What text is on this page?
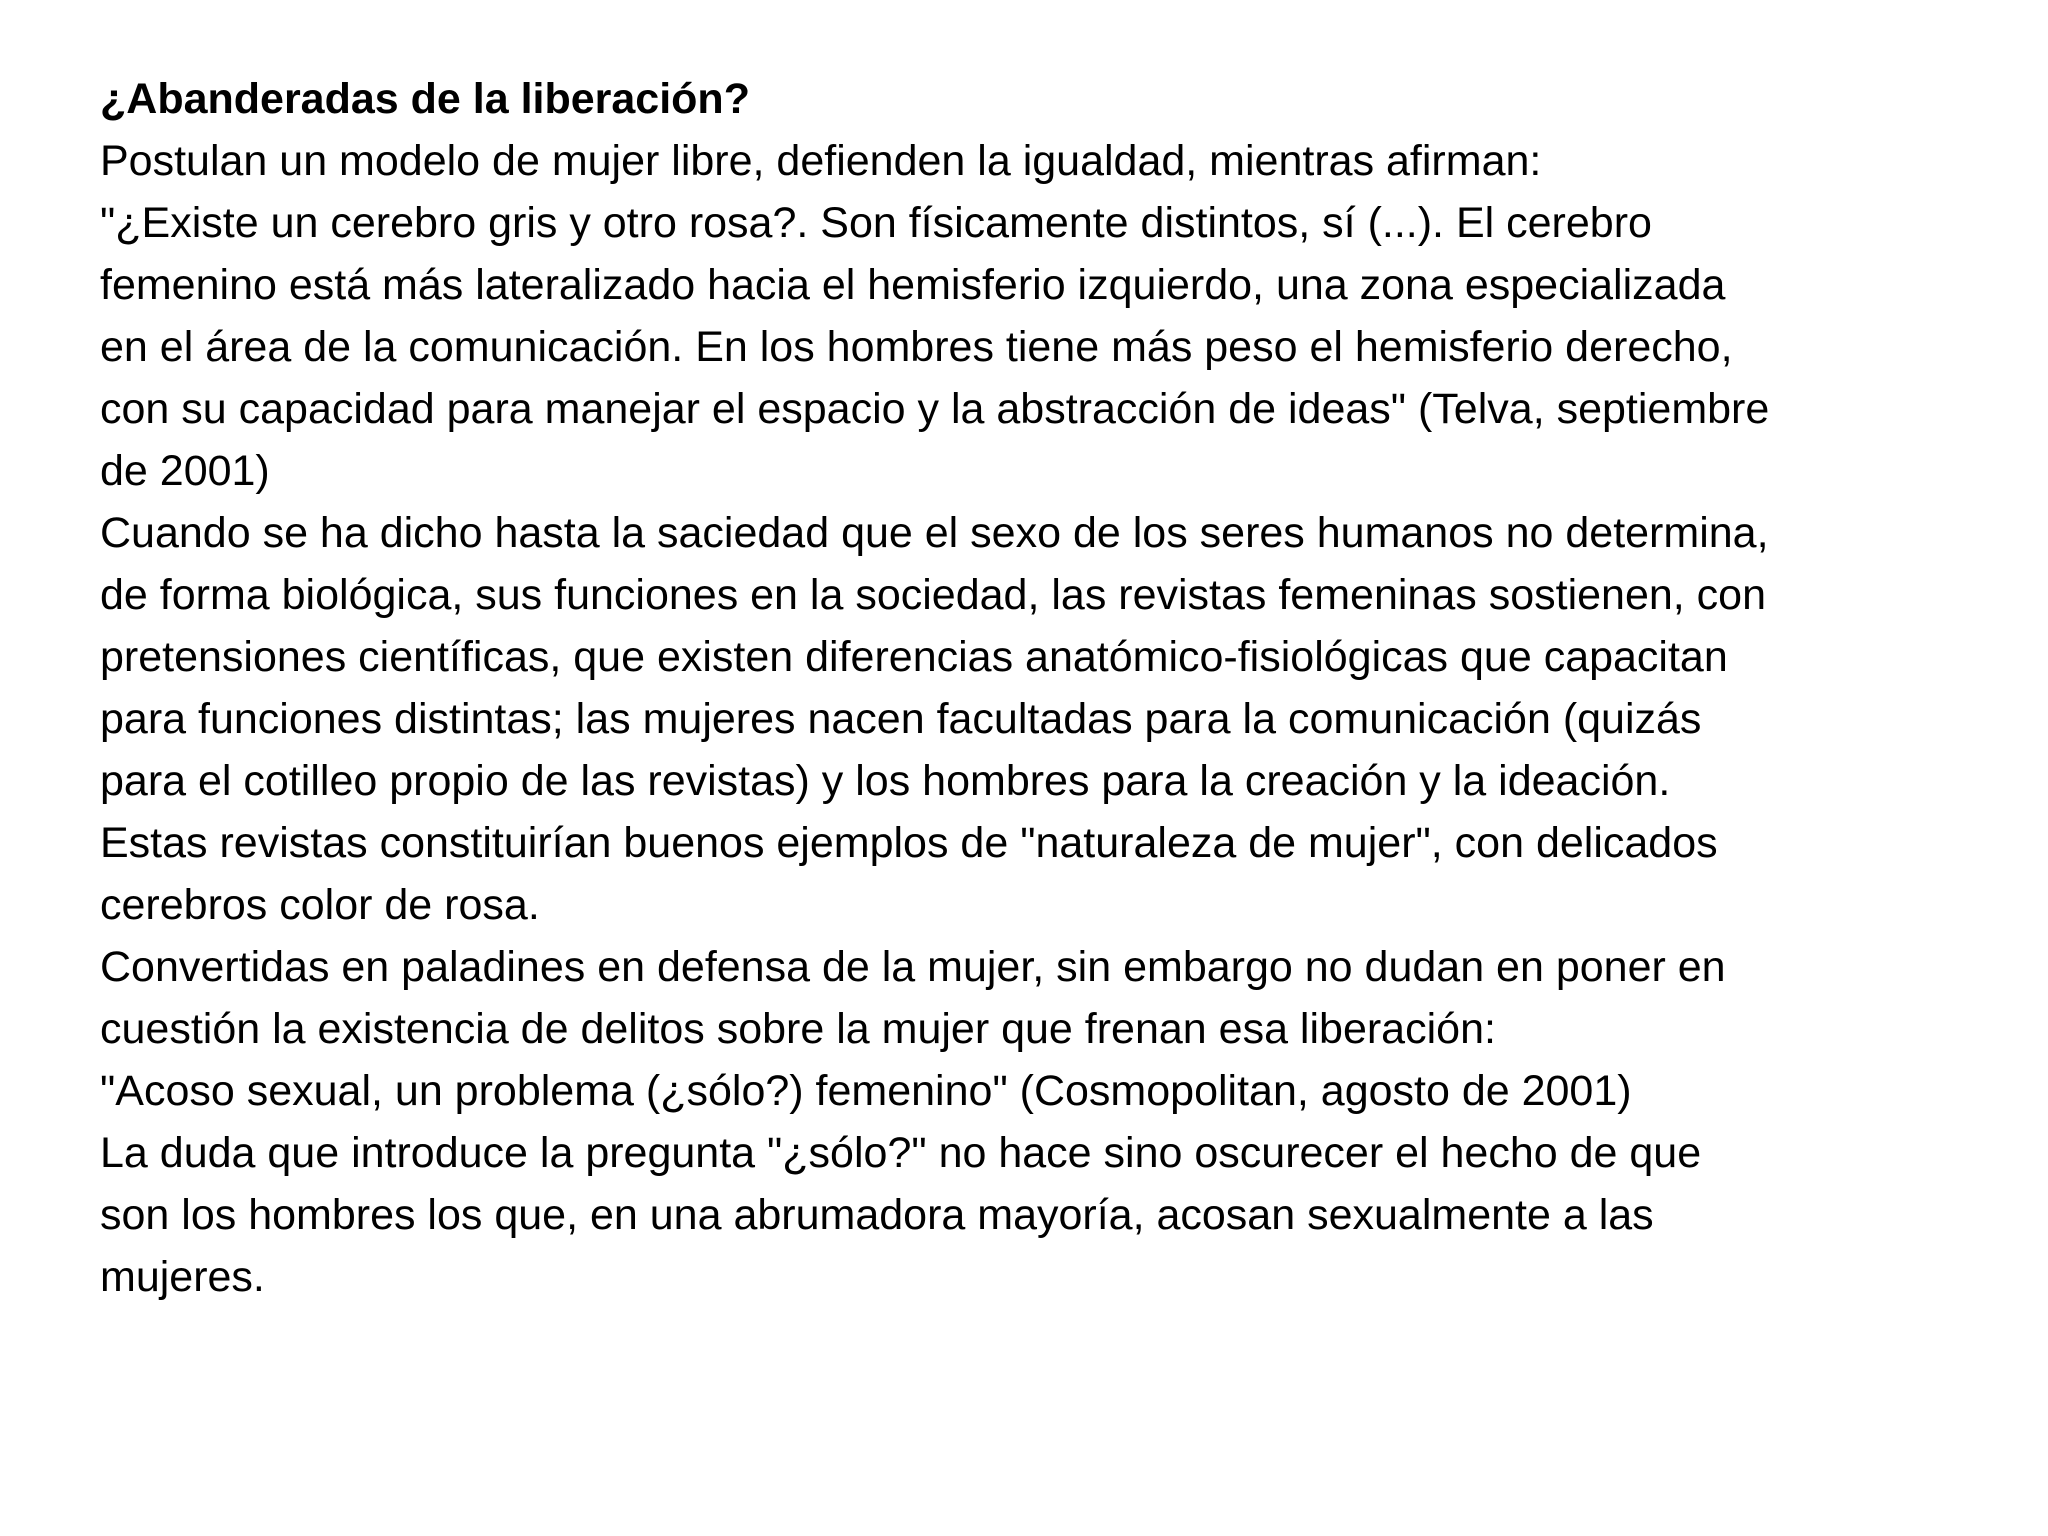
¿Abanderadas de la liberación?

Postulan un modelo de mujer libre, defienden la igualdad, mientras afirman:

"¿Existe un cerebro gris y otro rosa?. Son físicamente distintos, sí (...). El cerebro

femenino está más lateralizado hacia el hemisferio izquierdo, una zona especializada

en el área de la comunicación. En los hombres tiene más peso el hemisferio derecho,

con su capacidad para manejar el espacio y la abstracción de ideas" (Telva, septiembre

de 2001)

Cuando se ha dicho hasta la saciedad que el sexo de los seres humanos no determina,

de forma biológica, sus funciones en la sociedad, las revistas femeninas sostienen, con

pretensiones científicas, que existen diferencias anatómico-fisiológicas que capacitan

para funciones distintas; las mujeres nacen facultadas para la comunicación (quizás

para el cotilleo propio de las revistas) y los hombres para la creación y la ideación.

Estas revistas constituirían buenos ejemplos de "naturaleza de mujer", con delicados

cerebros color de rosa.

Convertidas en paladines en defensa de la mujer, sin embargo no dudan en poner en

cuestión la existencia de delitos sobre la mujer que frenan esa liberación:

"Acoso sexual, un problema (¿sólo?) femenino" (Cosmopolitan, agosto de 2001)

La duda que introduce la pregunta "¿sólo?" no hace sino oscurecer el hecho de que

son los hombres los que, en una abrumadora mayoría, acosan sexualmente a las

mujeres.
